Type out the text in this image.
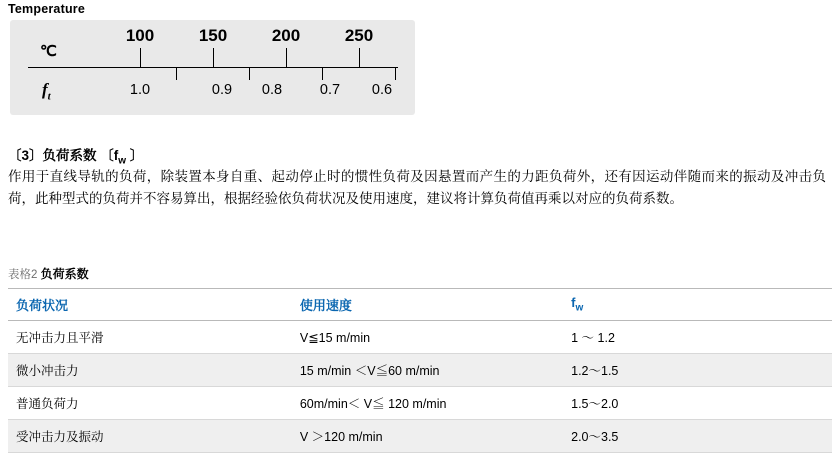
Temperature
℃
$f_t$
100	150	200	250
1.0	0.9 0.8	0.7 0.6
〔3〕负荷系数 〔$f_w$ 〕
作用于直线导轨的负荷，除装置本身自重、起动停止时的惯性负荷及因悬置而产生的力距负荷外，还有因运动伴随而来的振动及冲击负荷，此种型式的负荷并不容易算出，根据经验依负荷状况及使用速度，建议将计算负荷值再乘以对应的负荷系数。
表格2 负荷系数
负荷状况	使用速度	$f_w$
无冲击力且平滑	V≦15 m/min	1 ～ 1.2
微小冲击力	15 m/min ＜V≦60 m/min	1.2～1.5
普通负荷力	60m/min＜ V≦ 120 m/min	1.5～2.0
受冲击力及振动	V ＞120 m/min	2.0～3.5
